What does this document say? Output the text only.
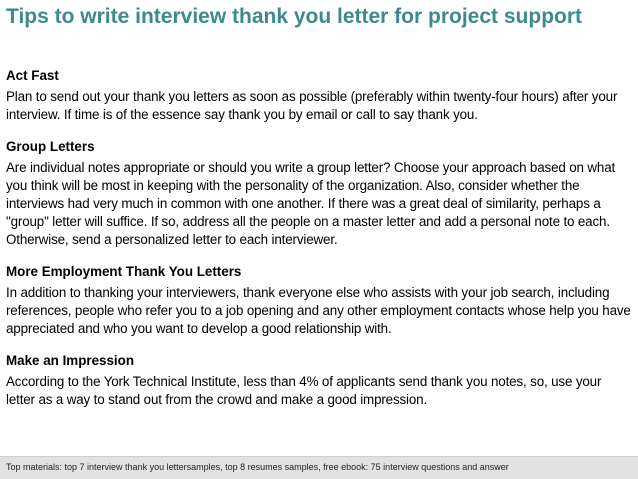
Tips to write interview thank you letter for project support
Act Fast

Plan to send out your thank you letters as soon as possible (preferably within twenty-four hours) after your interview. If time is of the essence say thank you by email or call to say thank you.

Group Letters

Are individual notes appropriate or should you write a group letter? Choose your approach based on what you think will be most in keeping with the personality of the organization. Also, consider whether the interviews had very much in common with one another. If there was a great deal of similarity, perhaps a "group" letter will suffice. If so, address all the people on a master letter and add a personal note to each. Otherwise, send a personalized letter to each interviewer.

More Employment Thank You Letters

In addition to thanking your interviewers, thank everyone else who assists with your job search, including references, people who refer you to a job opening and any other employment contacts whose help you have appreciated and who you want to develop a good relationship with.

Make an Impression

According to the York Technical Institute, less than 4% of applicants send thank you notes, so, use your letter as a way to stand out from the crowd and make a good impression.

Top materials: top 7 interview thank you lettersamples, top 8 resumes samples, free ebook: 75 interview questions and answer
